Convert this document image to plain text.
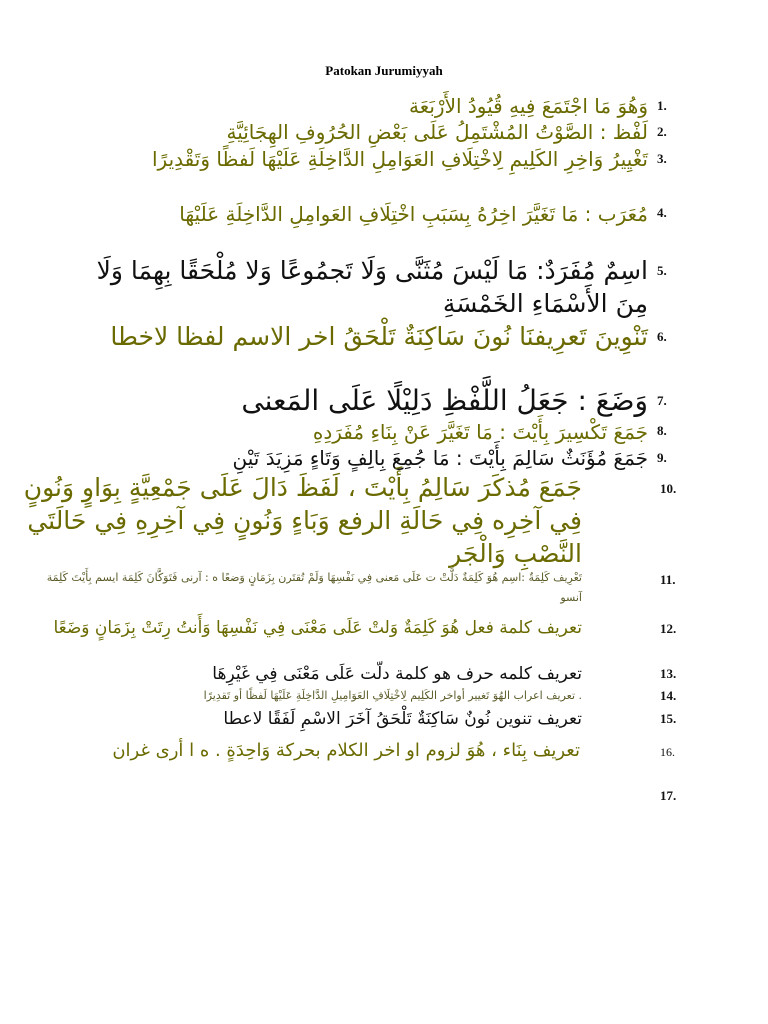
Patokan Jurumiyyah
1.
وَهُوَ مَا اجْتَمَعَ فِيهِ قُيُودُ الأَرْبَعَة
2.
لَفْظ : الصَّوْتُ المُشْتَمِلُ عَلَى بَعْضِ الحُرُوفِ الهِجَائِيَّةِ
3.
تَغْيِيرُ وَاخِرِ الكَلِيمِ لِاخْتِلَافِ العَوَامِلِ الدَّاخِلَةِ عَلَيْهَا لَفظًا وَتَقْدِيرًا
4.
مُعَرَب : مَا تَغَيَّرَ اخِرُهُ بِسَبَبِ اخْتِلَافِ العَوامِلِ الدَّاخِلَةِ عَلَيْهَا
5.
اسِمٌ مُفَرَدٌ: مَا لَيْسَ مُثَنَّى وَلَا تَجمُوعًا وَلا مُلْحَقًا بِهِمَا وَلَا مِنَ الأَسْمَاءِ الخَمْسَةِ
6.
تَنْوِينَ تَعرِيفنَا نُونَ سَاكِنَةٌ تَلْحَقُ اخر الاسم لفظا لاخطا
7.
وَضَعَ : جَعَلُ اللَّفْظِ دَلِيْلًا عَلَى المَعنى
8.
جَمَعَ تَكْسِيرَ بِأَيْتَ : مَا تَغَيَّرَ عَنْ بِنَاءِ مُفَرَدِهِ
9.
جَمَعَ مُؤَنَثٌ سَالِمَ بِأَيْتَ : مَا جُمِعَ بِالِفٍ وَتَاءٍ مَزِيَدَ تَيْنِ
10.
جَمَعَ مُذكَرَ سَالِمُ بِأَيْتَ ، لَفَظَ دَالَ عَلَى جَمْعِيَّةٍ بِوَاوٍ وَنُونٍ فِي آخِرِه فِي حَالَةِ الرفع وَبَاءٍ وَنُونٍ فِي آخِرِهِ فِي حَالَتَي النَّصْبِ وَالْجَر
11.
تَعْرِيف كَلِمَةٌ :اسِم هُوَ كَلِمَةٌ دَلَّتْ ت عَلَى مَعنى فِي نَفْسِهَا وَلَمْ تُقتَرن بِزَمَانٍ وَضعًا ه : آرنى فَتَوَكَّانَ كَلِمَة ايسم بِأَيْتَ كَلِمَة آنسو
12.
تعريف كلمة فعل هُوَ كَلِمَةٌ وَلتْ عَلَى مَعْنَى فِي نَفْسِهَا وَأَنتُ رِتَتْ بِزَمَانٍ وَضَعًا
13.
تعريف كلمه حرف هو كلمة دلّت عَلَى مَعْنَى فِي غَيْرِهَا
14.
. تعريف اعراب الهُوَ تَغيير أواخر الكَلِيم لِاخْتِلَافِ العَوَامِيلِ الدَّاخِلَةِ عَلَيْهَا لَفظًا أو تَقدِيرًا
15.
تعريف تنوين نُونٌ سَاكِنَةٌ تَلْحَقُ آخَرَ الاسْمِ لَفَقًا لاعطا
16.
تعريف بِنَاء ، هُوَ لزوم او اخر الكلام بحركة وَاحِدَةٍ . ه ا أرى غران
17.
